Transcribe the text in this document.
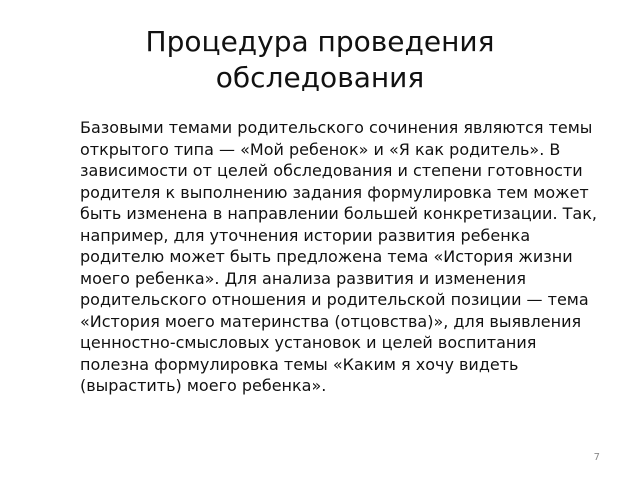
Процедура проведения обследования

Базовыми темами родительского сочинения являются темы открытого типа — «Мой ребенок» и «Я как родитель». В зависимости от целей обследования и степени готовности родителя к выполнению задания формулировка тем может быть изменена в направлении большей конкретизации. Так, например, для уточнения истории развития ребенка родителю может быть предложена тема «История жизни моего ребенка». Для анализа развития и изменения родительского отношения и родительской позиции — тема «История моего материнства (отцовства)», для выявления ценностно-смысловых установок и целей воспитания полезна формулировка темы «Каким я хочу видеть (вырастить) моего ребенка».

7
